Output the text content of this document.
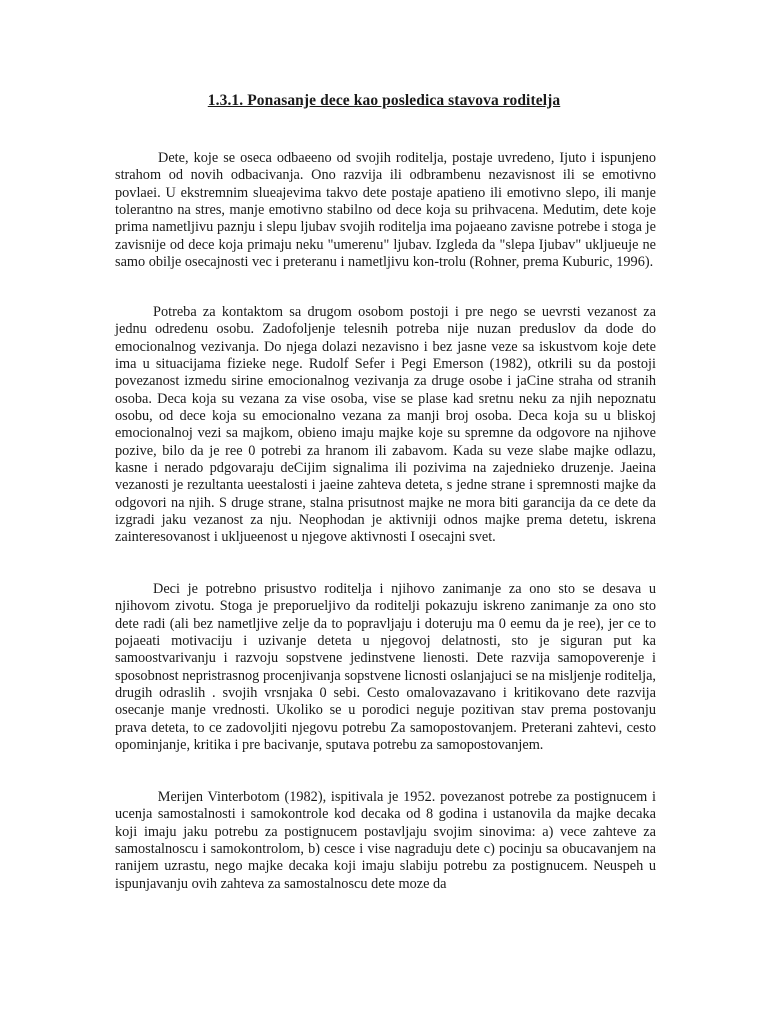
1.3.1. Ponasanje dece kao posledica stavova roditelja

Dete, koje se oseca odbaeeno od svojih roditelja, postaje uvredeno, Ijuto i ispunjeno strahom od novih odbacivanja. Ono razvija ili odbrambenu nezavisnost ili se emotivno povlaei. U ekstremnim slueajevima takvo dete postaje apatieno ili emotivno slepo, ili manje tolerantno na stres, manje emotivno stabilno od dece koja su prihvacena. Medutim, dete koje prima nametljivu paznju i slepu ljubav svojih roditelja ima pojaeano zavisne potrebe i stoga je zavisnije od dece koja primaju neku "umerenu" ljubav. Izgleda da "slepa Ijubav" ukljueuje ne samo obilje osecajnosti vec i preteranu i nametljivu kon-trolu (Rohner, prema Kuburic, 1996).

Potreba za kontaktom sa drugom osobom postoji i pre nego se uevrsti vezanost za jednu odredenu osobu. Zadofoljenje telesnih potreba nije nuzan preduslov da dode do emocionalnog vezivanja. Do njega dolazi nezavisno i bez jasne veze sa iskustvom koje dete ima u situacijama fizieke nege. Rudolf Sefer i Pegi Emerson (1982), otkrili su da postoji povezanost izmedu sirine emocionalnog vezivanja za druge osobe i jaCine straha od stranih osoba. Deca koja su vezana za vise osoba, vise se plase kad sretnu neku za njih nepoznatu osobu, od dece koja su emocionalno vezana za manji broj osoba. Deca koja su u bliskoj emocionalnoj vezi sa majkom, obieno imaju majke koje su spremne da odgovore na njihove pozive, bilo da je ree 0 potrebi za hranom ili zabavom. Kada su veze slabe majke odlazu, kasne i nerado pdgovaraju deCijim signalima ili pozivima na zajednieko druzenje. Jaeina vezanosti je rezultanta ueestalosti i jaeine zahteva deteta, s jedne strane i spremnosti majke da odgovori na njih. S druge strane, stalna prisutnost majke ne mora biti garancija da ce dete da izgradi jaku vezanost za nju. Neophodan je aktivniji odnos majke prema detetu, iskrena zainteresovanost i ukljueenost u njegove aktivnosti I osecajni svet.

Deci je potrebno prisustvo roditelja i njihovo zanimanje za ono sto se desava u njihovom zivotu. Stoga je preporueljivo da roditelji pokazuju iskreno zanimanje za ono sto dete radi (ali bez nametljive zelje da to popravljaju i doteruju ma 0 eemu da je ree), jer ce to pojaeati motivaciju i uzivanje deteta u njegovoj delatnosti, sto je siguran put ka samoostvarivanju i razvoju sopstvene jedinstvene lienosti. Dete razvija samopoverenje i sposobnost nepristrasnog procenjivanja sopstvene licnosti oslanjajuci se na misljenje roditelja, drugih odraslih . svojih vrsnjaka 0 sebi. Cesto omalovazavano i kritikovano dete razvija osecanje manje vrednosti. Ukoliko se u porodici neguje pozitivan stav prema postovanju prava deteta, to ce zadovoljiti njegovu potrebu Za samopostovanjem. Preterani zahtevi, cesto opominjanje, kritika i pre bacivanje, sputava potrebu za samopostovanjem.

Merijen Vinterbotom (1982), ispitivala je 1952. povezanost potrebe za postignucem i ucenja samostalnosti i samokontrole kod decaka od 8 godina i ustanovila da majke decaka koji imaju jaku potrebu za postignucem postavljaju svojim sinovima: a) vece zahteve za samostalnoscu i samokontrolom, b) cesce i vise nagraduju dete c) pocinju sa obucavanjem na ranijem uzrastu, nego majke decaka koji imaju slabiju potrebu za postignucem. Neuspeh u ispunjavanju ovih zahteva za samostalnoscu dete moze da
